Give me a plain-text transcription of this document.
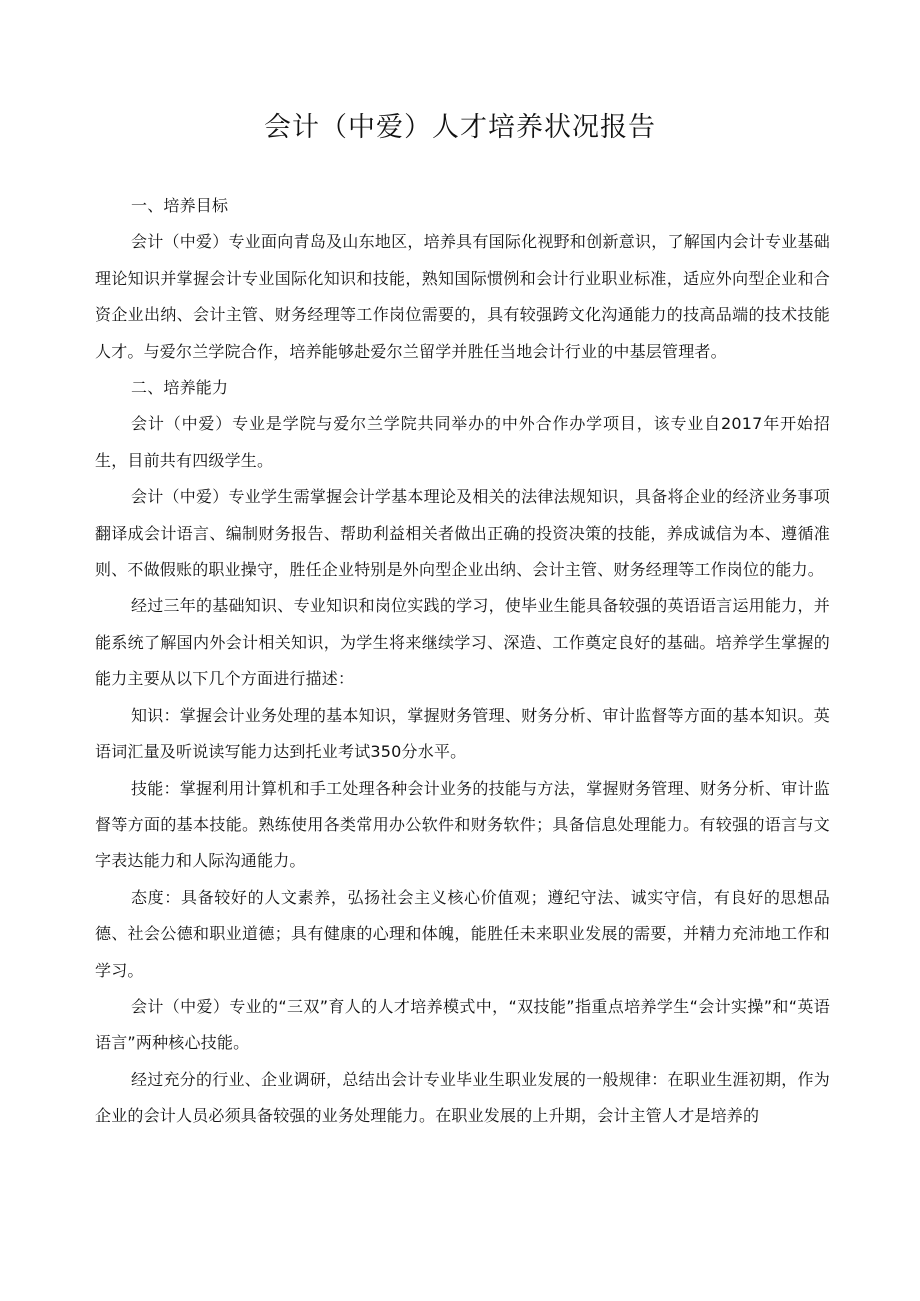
会计（中爱）人才培养状况报告
一、培养目标

会计（中爱）专业面向青岛及山东地区，培养具有国际化视野和创新意识，了解国内会计专业基础理论知识并掌握会计专业国际化知识和技能，熟知国际惯例和会计行业职业标准，适应外向型企业和合资企业出纳、会计主管、财务经理等工作岗位需要的，具有较强跨文化沟通能力的技高品端的技术技能人才。与爱尔兰学院合作，培养能够赴爱尔兰留学并胜任当地会计行业的中基层管理者。

二、培养能力

会计（中爱）专业是学院与爱尔兰学院共同举办的中外合作办学项目，该专业自2017年开始招生，目前共有四级学生。

会计（中爱）专业学生需掌握会计学基本理论及相关的法律法规知识，具备将企业的经济业务事项翻译成会计语言、编制财务报告、帮助利益相关者做出正确的投资决策的技能，养成诚信为本、遵循准则、不做假账的职业操守，胜任企业特别是外向型企业出纳、会计主管、财务经理等工作岗位的能力。

经过三年的基础知识、专业知识和岗位实践的学习，使毕业生能具备较强的英语语言运用能力，并能系统了解国内外会计相关知识，为学生将来继续学习、深造、工作奠定良好的基础。培养学生掌握的能力主要从以下几个方面进行描述：

知识：掌握会计业务处理的基本知识，掌握财务管理、财务分析、审计监督等方面的基本知识。英语词汇量及听说读写能力达到托业考试350分水平。

技能：掌握利用计算机和手工处理各种会计业务的技能与方法，掌握财务管理、财务分析、审计监督等方面的基本技能。熟练使用各类常用办公软件和财务软件；具备信息处理能力。有较强的语言与文字表达能力和人际沟通能力。

态度：具备较好的人文素养，弘扬社会主义核心价值观；遵纪守法、诚实守信，有良好的思想品德、社会公德和职业道德；具有健康的心理和体魄，能胜任未来职业发展的需要，并精力充沛地工作和学习。

会计（中爱）专业的“三双”育人的人才培养模式中，“双技能”指重点培养学生“会计实操”和“英语语言”两种核心技能。

经过充分的行业、企业调研，总结出会计专业毕业生职业发展的一般规律：在职业生涯初期，作为企业的会计人员必须具备较强的业务处理能力。在职业发展的上升期，会计主管人才是培养的
